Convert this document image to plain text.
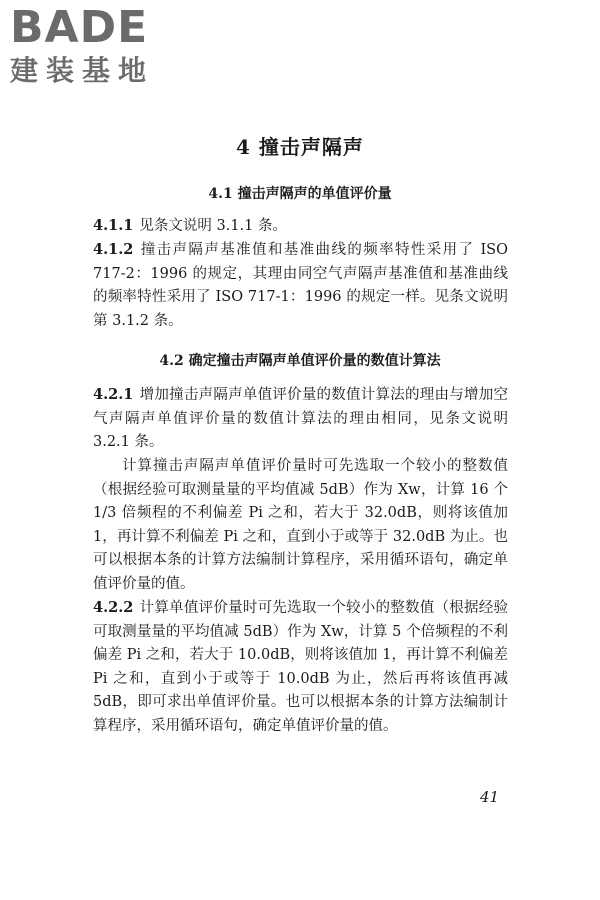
BADE
建装基地
4 撞击声隔声
4.1 撞击声隔声的单值评价量

4.1.1 见条文说明 3.1.1 条。

4.1.2 撞击声隔声基准值和基准曲线的频率特性采用了 ISO 717-2：1996 的规定，其理由同空气声隔声基准值和基准曲线的频率特性采用了 ISO 717-1：1996 的规定一样。见条文说明第 3.1.2 条。

4.2 确定撞击声隔声单值评价量的数值计算法

4.2.1 增加撞击声隔声单值评价量的数值计算法的理由与增加空气声隔声单值评价量的数值计算法的理由相同，见条文说明 3.2.1 条。

计算撞击声隔声单值评价量时可先选取一个较小的整数值（根据经验可取测量量的平均值减 5dB）作为 Xw，计算 16 个 1/3 倍频程的不利偏差 Pi 之和，若大于 32.0dB，则将该值加 1，再计算不利偏差 Pi 之和，直到小于或等于 32.0dB 为止。也可以根据本条的计算方法编制计算程序，采用循环语句，确定单值评价量的值。

4.2.2 计算单值评价量时可先选取一个较小的整数值（根据经验可取测量量的平均值减 5dB）作为 Xw，计算 5 个倍频程的不利偏差 Pi 之和，若大于 10.0dB，则将该值加 1，再计算不利偏差 Pi 之和，直到小于或等于 10.0dB 为止，然后再将该值再减 5dB，即可求出单值评价量。也可以根据本条的计算方法编制计算程序，采用循环语句，确定单值评价量的值。

41
